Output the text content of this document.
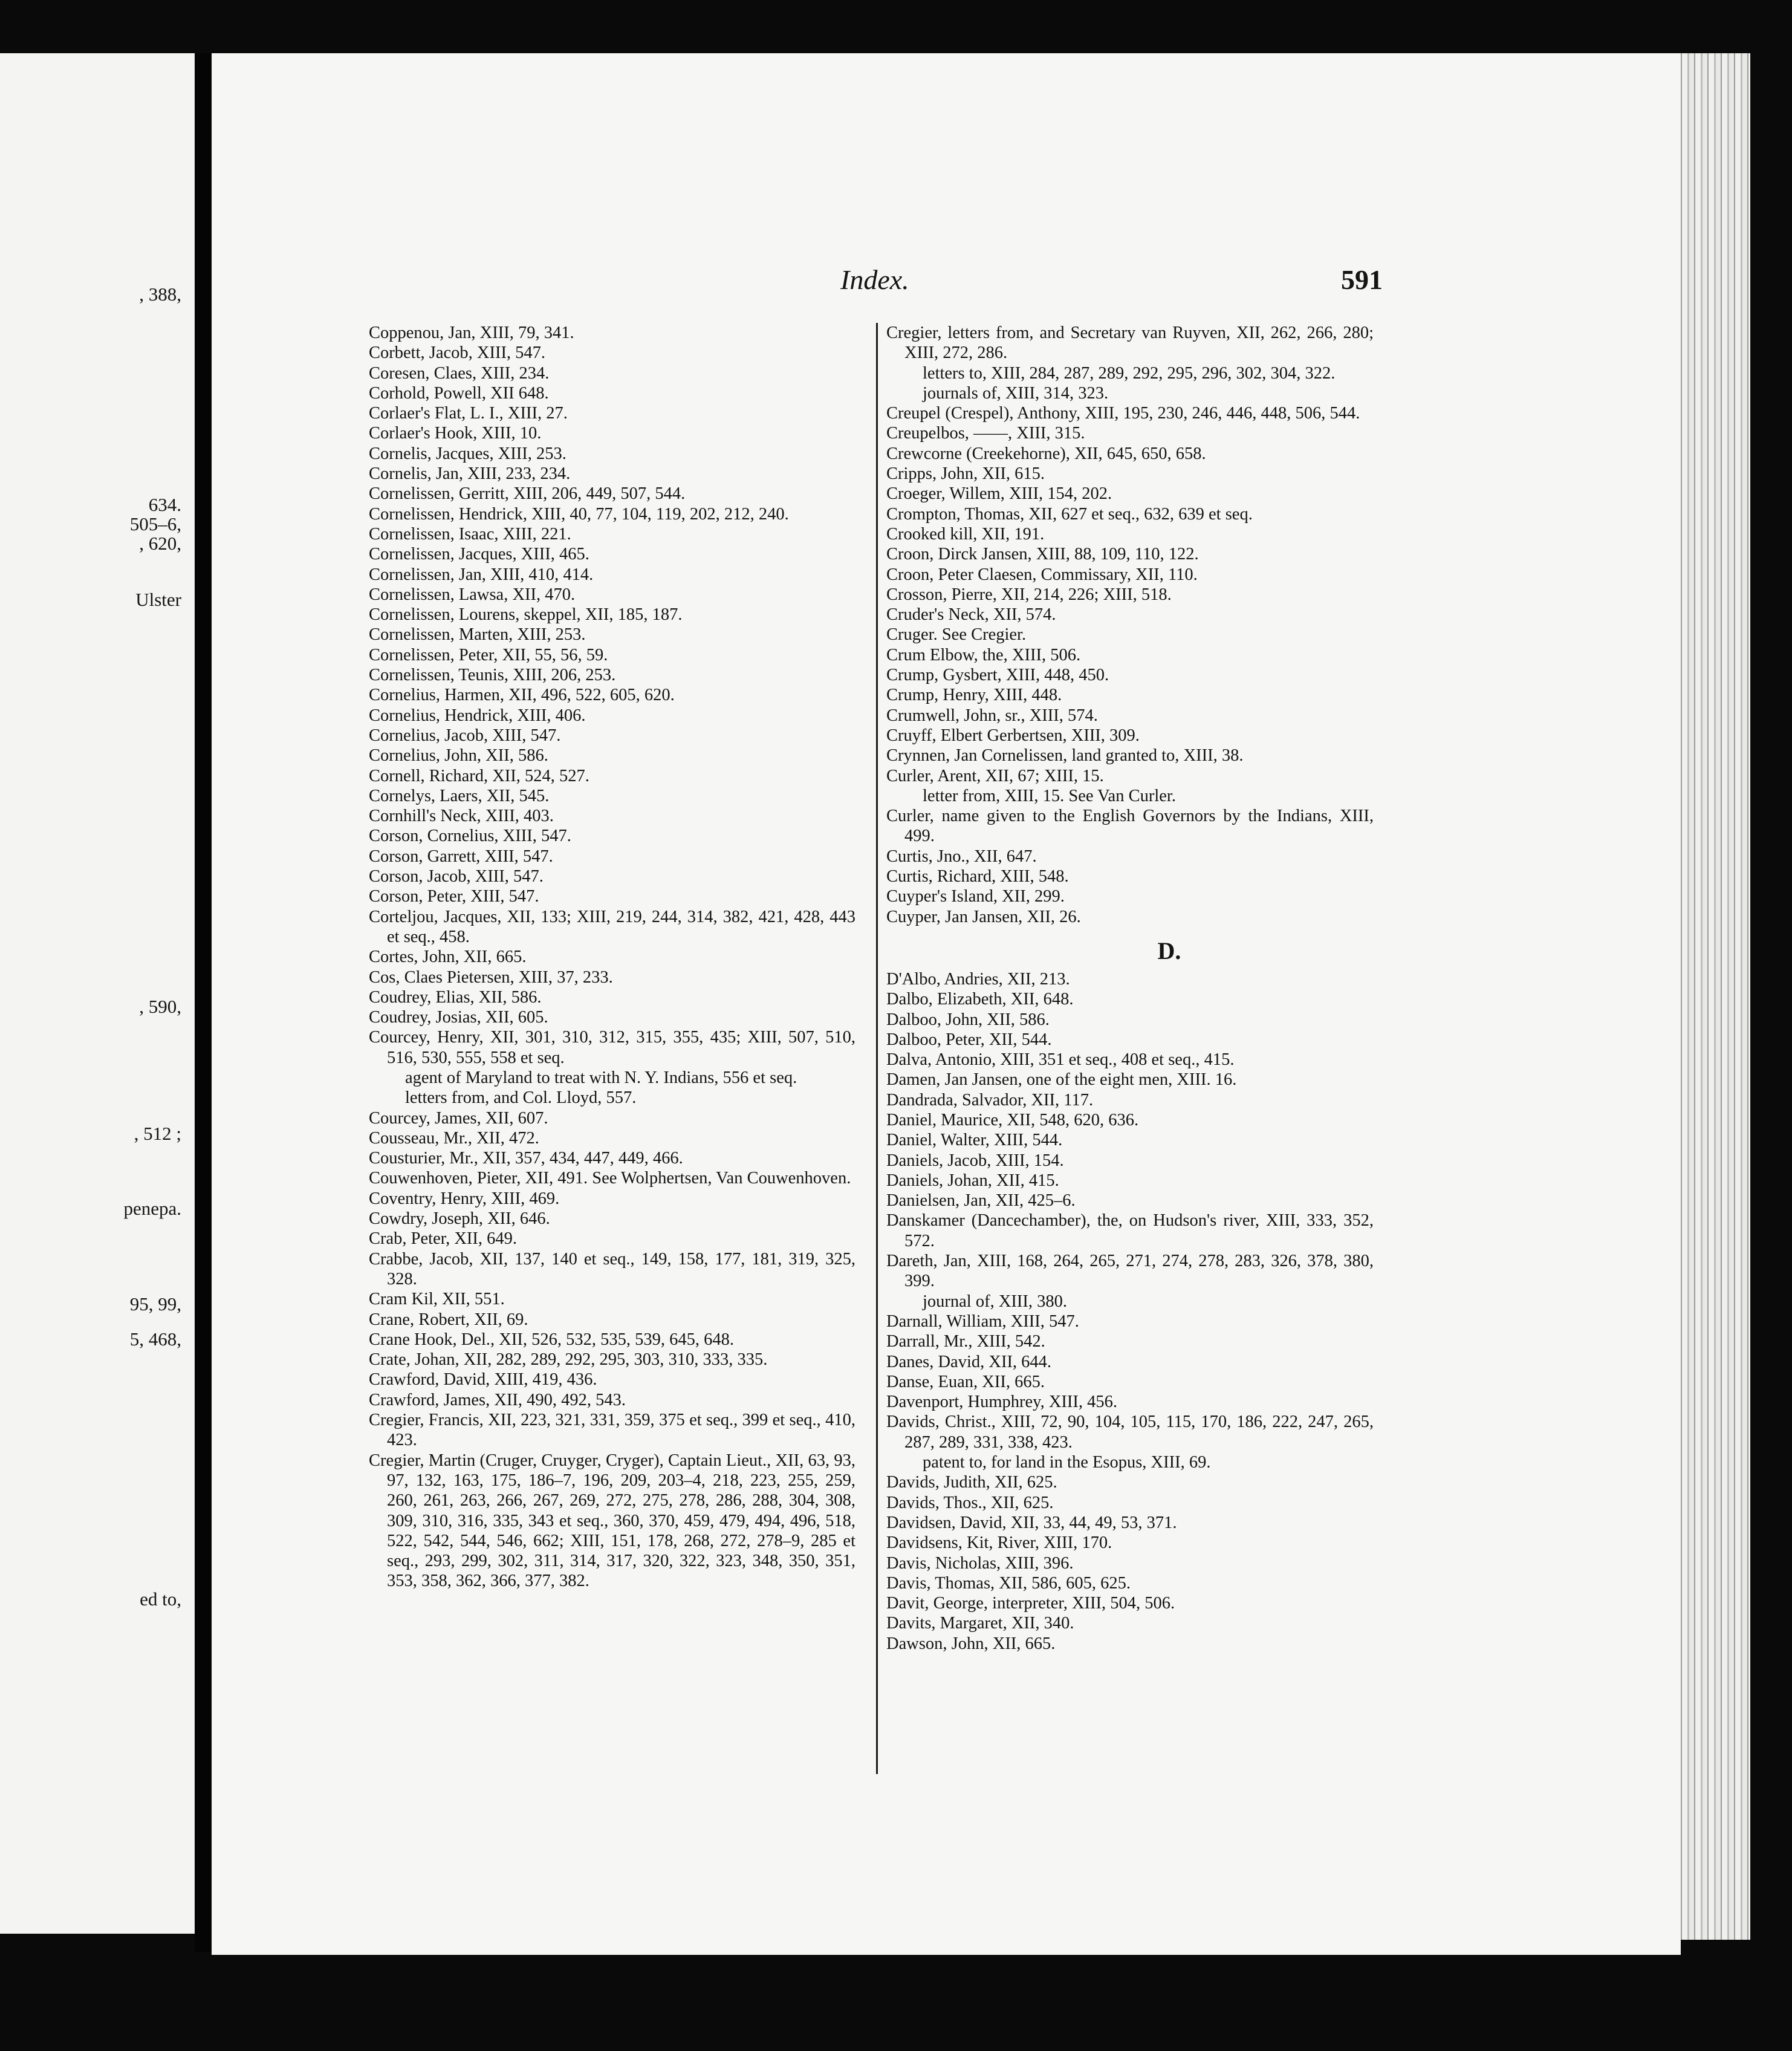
, 388,
634.
505–6,
, 620,
Ulster
, 590,
, 512 ;
penepa.
95, 99,
5, 468,
ed to,
Index.	591
Coppenou, Jan, XIII, 79, 341.
Corbett, Jacob, XIII, 547.
Coresen, Claes, XIII, 234.
Corhold, Powell, XII 648.
Corlaer's Flat, L. I., XIII, 27.
Corlaer's Hook, XIII, 10.
Cornelis, Jacques, XIII, 253.
Cornelis, Jan, XIII, 233, 234.
Cornelissen, Gerritt, XIII, 206, 449, 507, 544.
Cornelissen, Hendrick, XIII, 40, 77, 104, 119, 202, 212, 240.
Cornelissen, Isaac, XIII, 221.
Cornelissen, Jacques, XIII, 465.
Cornelissen, Jan, XIII, 410, 414.
Cornelissen, Lawsa, XII, 470.
Cornelissen, Lourens, skeppel, XII, 185, 187.
Cornelissen, Marten, XIII, 253.
Cornelissen, Peter, XII, 55, 56, 59.
Cornelissen, Teunis, XIII, 206, 253.
Cornelius, Harmen, XII, 496, 522, 605, 620.
Cornelius, Hendrick, XIII, 406.
Cornelius, Jacob, XIII, 547.
Cornelius, John, XII, 586.
Cornell, Richard, XII, 524, 527.
Cornelys, Laers, XII, 545.
Cornhill's Neck, XIII, 403.
Corson, Cornelius, XIII, 547.
Corson, Garrett, XIII, 547.
Corson, Jacob, XIII, 547.
Corson, Peter, XIII, 547.
Corteljou, Jacques, XII, 133; XIII, 219, 244, 314, 382, 421, 428, 443 et seq., 458.
Cortes, John, XII, 665.
Cos, Claes Pietersen, XIII, 37, 233.
Coudrey, Elias, XII, 586.
Coudrey, Josias, XII, 605.
Courcey, Henry, XII, 301, 310, 312, 315, 355, 435; XIII, 507, 510, 516, 530, 555, 558 et seq.
agent of Maryland to treat with N. Y. Indians, 556 et seq.
letters from, and Col. Lloyd, 557.
Courcey, James, XII, 607.
Cousseau, Mr., XII, 472.
Cousturier, Mr., XII, 357, 434, 447, 449, 466.
Couwenhoven, Pieter, XII, 491. See Wolphertsen, Van Couwenhoven.
Coventry, Henry, XIII, 469.
Cowdry, Joseph, XII, 646.
Crab, Peter, XII, 649.
Crabbe, Jacob, XII, 137, 140 et seq., 149, 158, 177, 181, 319, 325, 328.
Cram Kil, XII, 551.
Crane, Robert, XII, 69.
Crane Hook, Del., XII, 526, 532, 535, 539, 645, 648.
Crate, Johan, XII, 282, 289, 292, 295, 303, 310, 333, 335.
Crawford, David, XIII, 419, 436.
Crawford, James, XII, 490, 492, 543.
Cregier, Francis, XII, 223, 321, 331, 359, 375 et seq., 399 et seq., 410, 423.
Cregier, Martin (Cruger, Cruyger, Cryger), Captain Lieut., XII, 63, 93, 97, 132, 163, 175, 186–7, 196, 209, 203–4, 218, 223, 255, 259, 260, 261, 263, 266, 267, 269, 272, 275, 278, 286, 288, 304, 308, 309, 310, 316, 335, 343 et seq., 360, 370, 459, 479, 494, 496, 518, 522, 542, 544, 546, 662; XIII, 151, 178, 268, 272, 278–9, 285 et seq., 293, 299, 302, 311, 314, 317, 320, 322, 323, 348, 350, 351, 353, 358, 362, 366, 377, 382.
Cregier, letters from, and Secretary van Ruyven, XII, 262, 266, 280; XIII, 272, 286.
letters to, XIII, 284, 287, 289, 292, 295, 296, 302, 304, 322.
journals of, XIII, 314, 323.
Creupel (Crespel), Anthony, XIII, 195, 230, 246, 446, 448, 506, 544.
Creupelbos, ——, XIII, 315.
Crewcorne (Creekehorne), XII, 645, 650, 658.
Cripps, John, XII, 615.
Croeger, Willem, XIII, 154, 202.
Crompton, Thomas, XII, 627 et seq., 632, 639 et seq.
Crooked kill, XII, 191.
Croon, Dirck Jansen, XIII, 88, 109, 110, 122.
Croon, Peter Claesen, Commissary, XII, 110.
Crosson, Pierre, XII, 214, 226; XIII, 518.
Cruder's Neck, XII, 574.
Cruger. See Cregier.
Crum Elbow, the, XIII, 506.
Crump, Gysbert, XIII, 448, 450.
Crump, Henry, XIII, 448.
Crumwell, John, sr., XIII, 574.
Cruyff, Elbert Gerbertsen, XIII, 309.
Crynnen, Jan Cornelissen, land granted to, XIII, 38.
Curler, Arent, XII, 67; XIII, 15.
letter from, XIII, 15. See Van Curler.
Curler, name given to the English Governors by the Indians, XIII, 499.
Curtis, Jno., XII, 647.
Curtis, Richard, XIII, 548.
Cuyper's Island, XII, 299.
Cuyper, Jan Jansen, XII, 26.
D.
D'Albo, Andries, XII, 213.
Dalbo, Elizabeth, XII, 648.
Dalboo, John, XII, 586.
Dalboo, Peter, XII, 544.
Dalva, Antonio, XIII, 351 et seq., 408 et seq., 415.
Damen, Jan Jansen, one of the eight men, XIII. 16.
Dandrada, Salvador, XII, 117.
Daniel, Maurice, XII, 548, 620, 636.
Daniel, Walter, XIII, 544.
Daniels, Jacob, XIII, 154.
Daniels, Johan, XII, 415.
Danielsen, Jan, XII, 425–6.
Danskamer (Dancechamber), the, on Hudson's river, XIII, 333, 352, 572.
Dareth, Jan, XIII, 168, 264, 265, 271, 274, 278, 283, 326, 378, 380, 399.
journal of, XIII, 380.
Darnall, William, XIII, 547.
Darrall, Mr., XIII, 542.
Danes, David, XII, 644.
Danse, Euan, XII, 665.
Davenport, Humphrey, XIII, 456.
Davids, Christ., XIII, 72, 90, 104, 105, 115, 170, 186, 222, 247, 265, 287, 289, 331, 338, 423.
patent to, for land in the Esopus, XIII, 69.
Davids, Judith, XII, 625.
Davids, Thos., XII, 625.
Davidsen, David, XII, 33, 44, 49, 53, 371.
Davidsens, Kit, River, XIII, 170.
Davis, Nicholas, XIII, 396.
Davis, Thomas, XII, 586, 605, 625.
Davit, George, interpreter, XIII, 504, 506.
Davits, Margaret, XII, 340.
Dawson, John, XII, 665.
